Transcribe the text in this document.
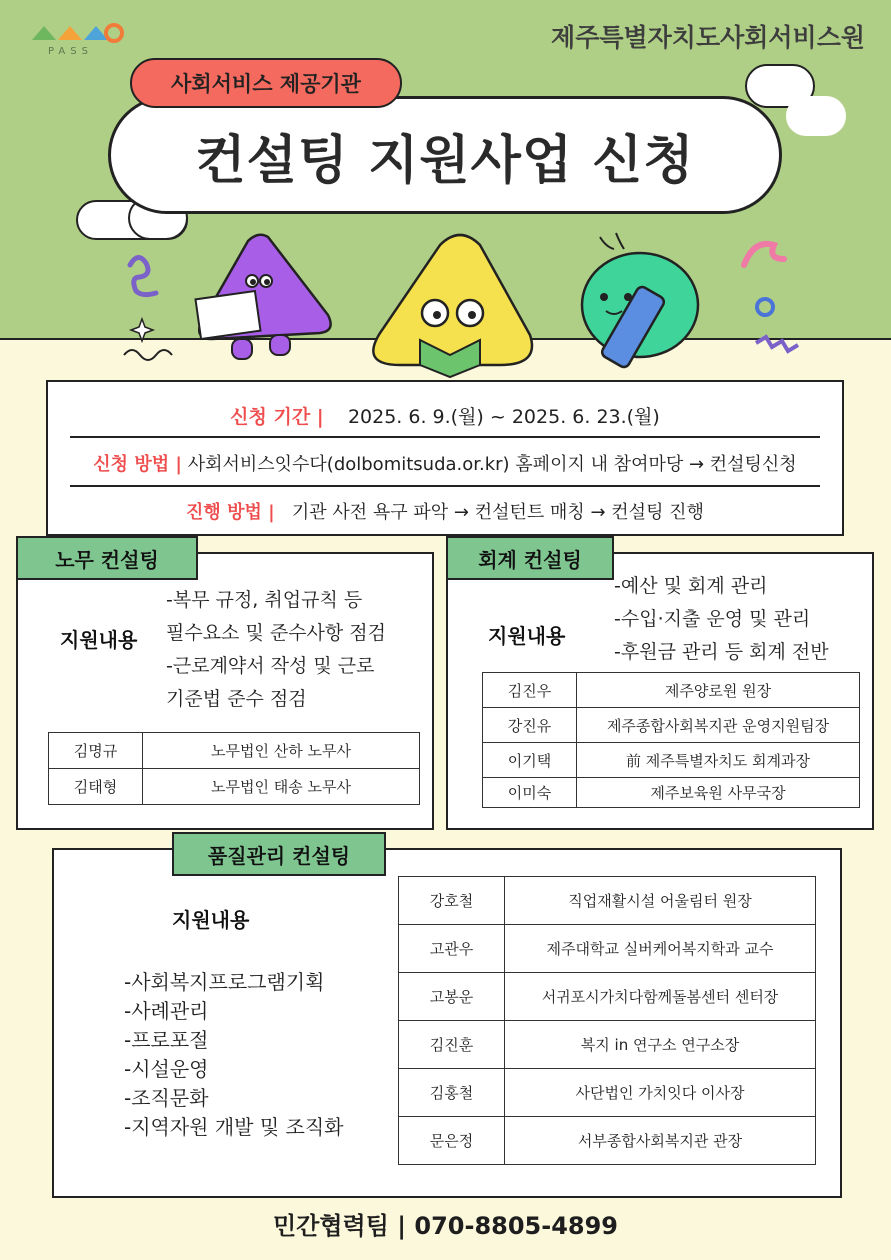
PASS	제주특별자치도사회서비스원
컨설팅 지원사업 신청
사회서비스 제공기관
신청 기간 | 2025. 6. 9.(월) ~ 2025. 6. 23.(월)
신청 방법 | 사회서비스잇수다(dolbomitsuda.or.kr) 홈페이지 내 참여마당 → 컨설팅신청
진행 방법 | 기관 사전 욕구 파악 → 컨설턴트 매칭 → 컨설팅 진행
지원내용
-복무 규정, 취업규칙 등
필수요소 및 준수사항 점검
-근로계약서 작성 및 근로
기준법 준수 점검
김명규	노무법인 산하 노무사
김태형	노무법인 태송 노무사
노무 컨설팅
지원내용
-예산 및 회계 관리
-수입·지출 운영 및 관리
-후원금 관리 등 회계 전반
김진우	제주양로원 원장
강진유	제주종합사회복지관 운영지원팀장
이기택	前 제주특별자치도 회계과장
이미숙	제주보육원 사무국장
회계 컨설팅
지원내용
-사회복지프로그램기획
-사례관리
-프로포절
-시설운영
-조직문화
-지역자원 개발 및 조직화
강호철	직업재활시설 어울림터 원장
고관우	제주대학교 실버케어복지학과 교수
고봉운	서귀포시가치다함께돌봄센터 센터장
김진훈	복지 in 연구소 연구소장
김홍철	사단법인 가치잇다 이사장
문은정	서부종합사회복지관 관장
품질관리 컨설팅
민간협력팀 | 070-8805-4899
